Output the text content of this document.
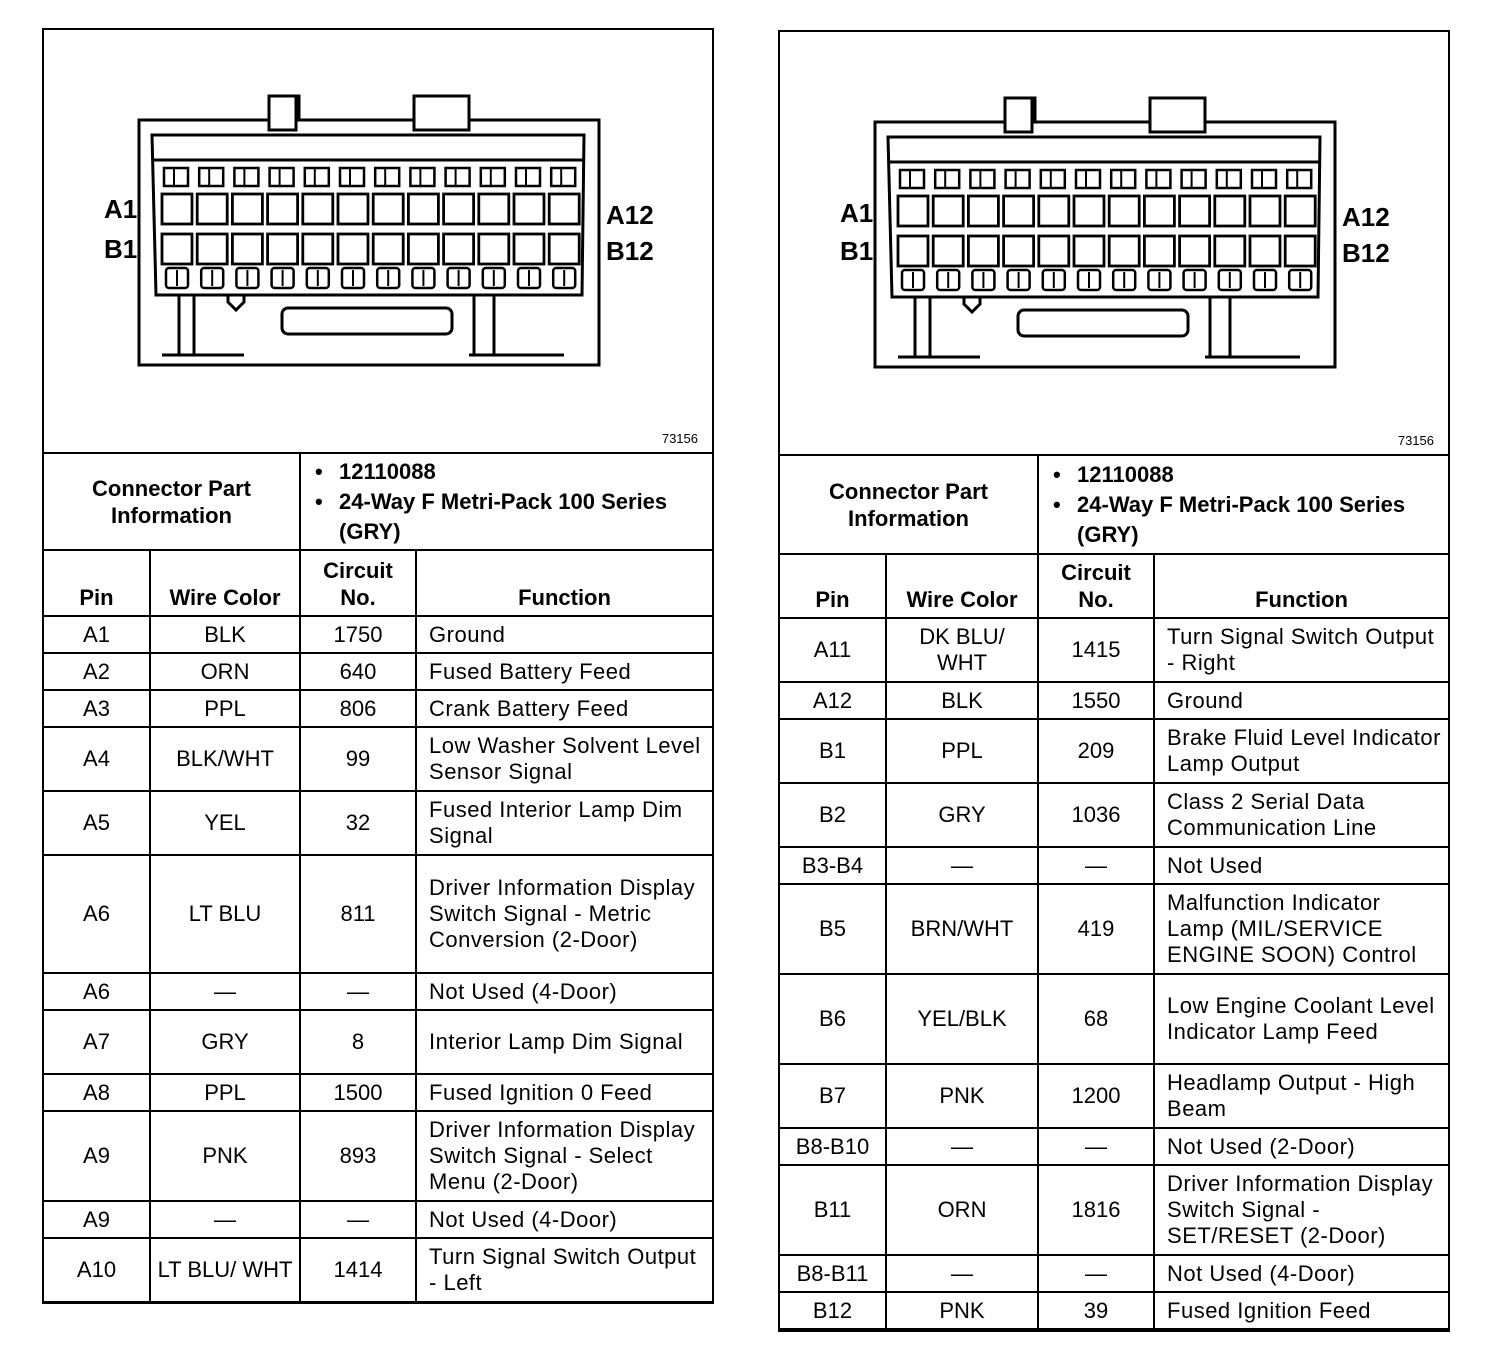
A1
B1
A12
B12
73156
Connector Part Information		• 12110088
• 24-Way F Metri-Pack 100 Series (GRY)

Pin	Wire Color	Circuit No.	Function
A1	BLK	1750	Ground
A2	ORN	640	Fused Battery Feed
A3	PPL	806	Crank Battery Feed
A4	BLK/WHT	99	Low Washer Solvent Level Sensor Signal
A5	YEL	32	Fused Interior Lamp Dim Signal
A6	LT BLU	811	Driver Information Display Switch Signal - Metric Conversion (2-Door)
A6	—	—	Not Used (4-Door)
A7	GRY	8	Interior Lamp Dim Signal
A8	PPL	1500	Fused Ignition 0 Feed
A9	PNK	893	Driver Information Display Switch Signal - Select Menu (2-Door)
A9	—	—	Not Used (4-Door)
A10	LT BLU/ WHT	1414	Turn Signal Switch Output - Left
A1
B1
A12
B12
73156
Connector Part Information		• 12110088
• 24-Way F Metri-Pack 100 Series (GRY)

Pin	Wire Color	Circuit No.	Function
A11	DK BLU/ WHT	1415	Turn Signal Switch Output - Right
A12	BLK	1550	Ground
B1	PPL	209	Brake Fluid Level Indicator Lamp Output
B2	GRY	1036	Class 2 Serial Data Communication Line
B3-B4	—	—	Not Used
B5	BRN/WHT	419	Malfunction Indicator Lamp (MIL/SERVICE ENGINE SOON) Control
B6	YEL/BLK	68	Low Engine Coolant Level Indicator Lamp Feed
B7	PNK	1200	Headlamp Output - High Beam
B8-B10	—	—	Not Used (2-Door)
B11	ORN	1816	Driver Information Display Switch Signal - SET/RESET (2-Door)
B8-B11	—	—	Not Used (4-Door)
B12	PNK	39	Fused Ignition Feed
